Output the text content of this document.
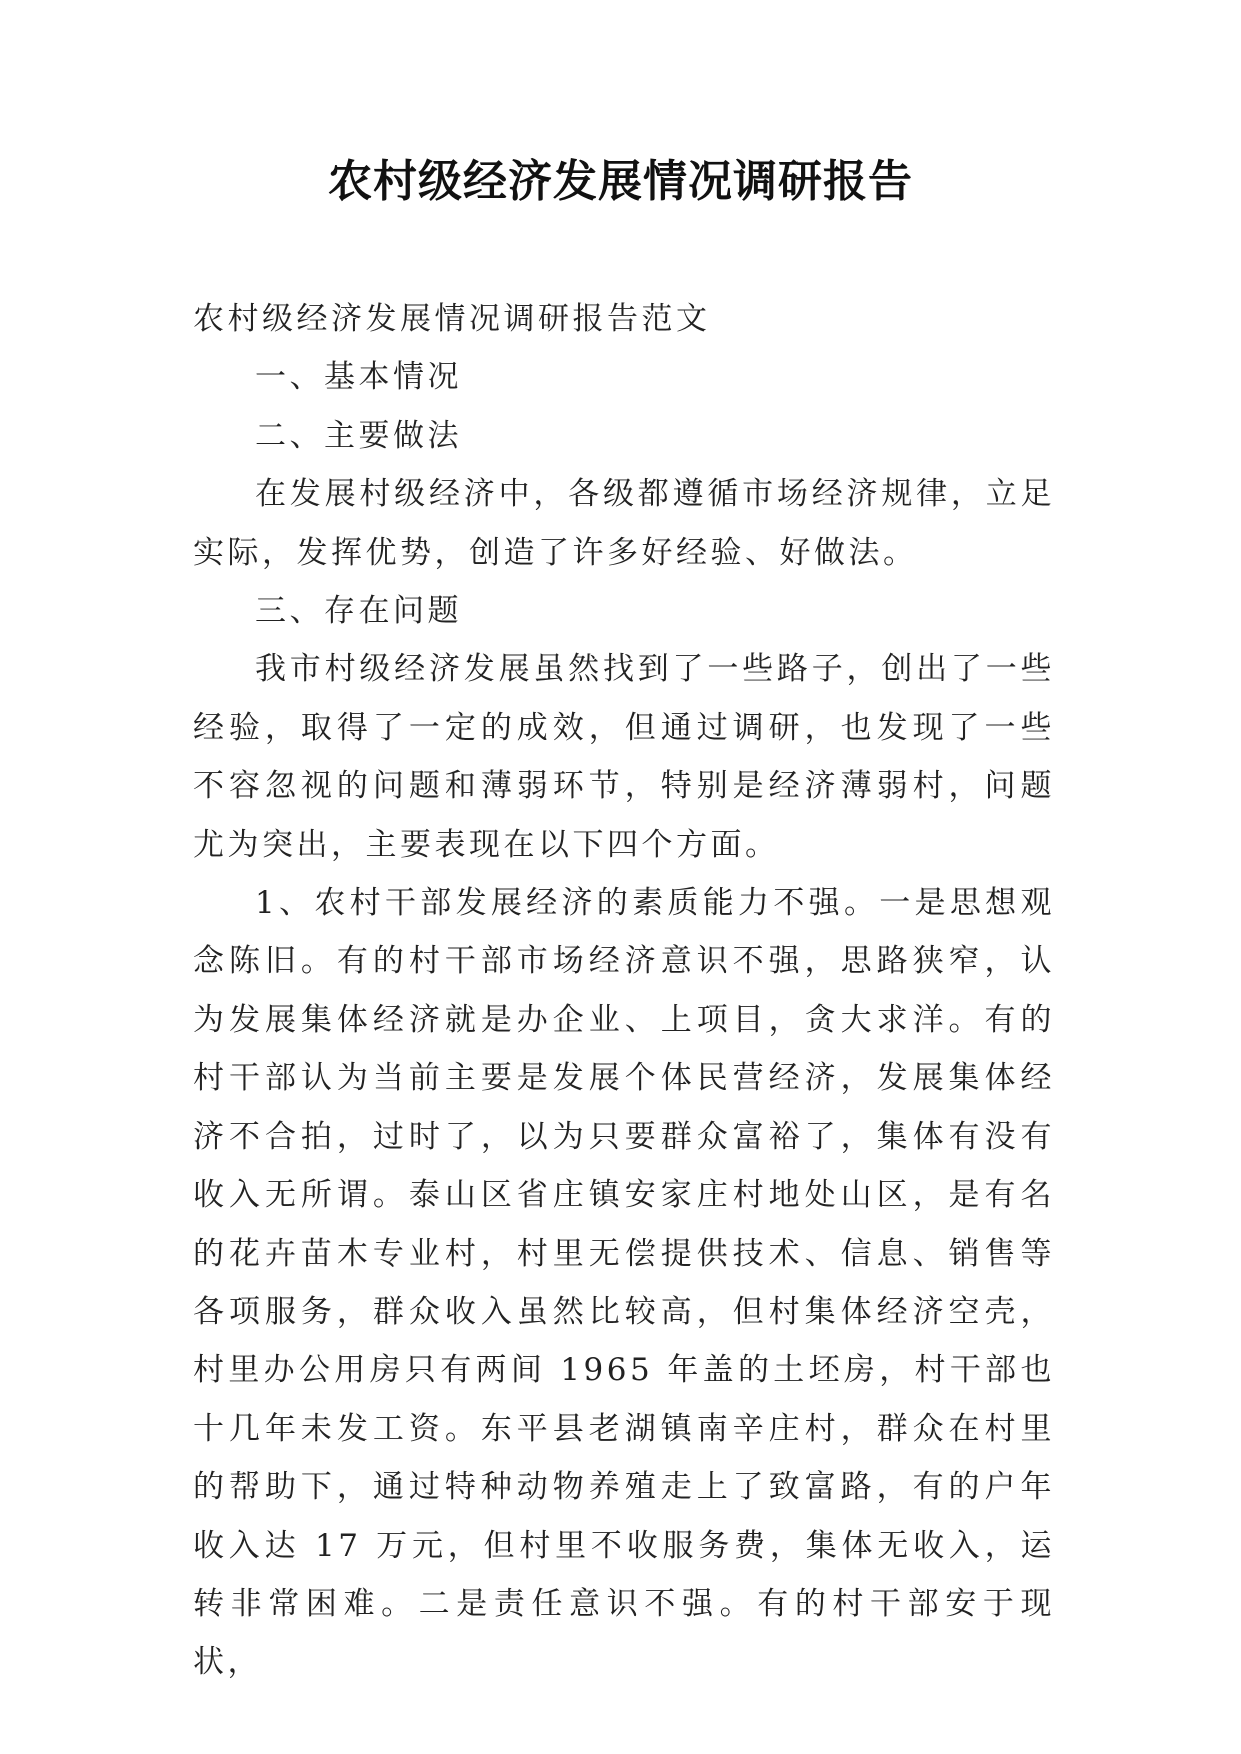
农村级经济发展情况调研报告

农村级经济发展情况调研报告范文

一、基本情况

二、主要做法

在发展村级经济中，各级都遵循市场经济规律，立足实际，发挥优势，创造了许多好经验、好做法。

三、存在问题

我市村级经济发展虽然找到了一些路子，创出了一些经验，取得了一定的成效，但通过调研，也发现了一些不容忽视的问题和薄弱环节，特别是经济薄弱村，问题尤为突出，主要表现在以下四个方面。

1、农村干部发展经济的素质能力不强。一是思想观念陈旧。有的村干部市场经济意识不强，思路狭窄，认为发展集体经济就是办企业、上项目，贪大求洋。有的村干部认为当前主要是发展个体民营经济，发展集体经济不合拍，过时了，以为只要群众富裕了，集体有没有收入无所谓。泰山区省庄镇安家庄村地处山区，是有名的花卉苗木专业村，村里无偿提供技术、信息、销售等各项服务，群众收入虽然比较高，但村集体经济空壳，村里办公用房只有两间 1965 年盖的土坯房，村干部也十几年未发工资。东平县老湖镇南辛庄村，群众在村里的帮助下，通过特种动物养殖走上了致富路，有的户年收入达 17 万元，但村里不收服务费，集体无收入，运转非常困难。二是责任意识不强。有的村干部安于现状，
